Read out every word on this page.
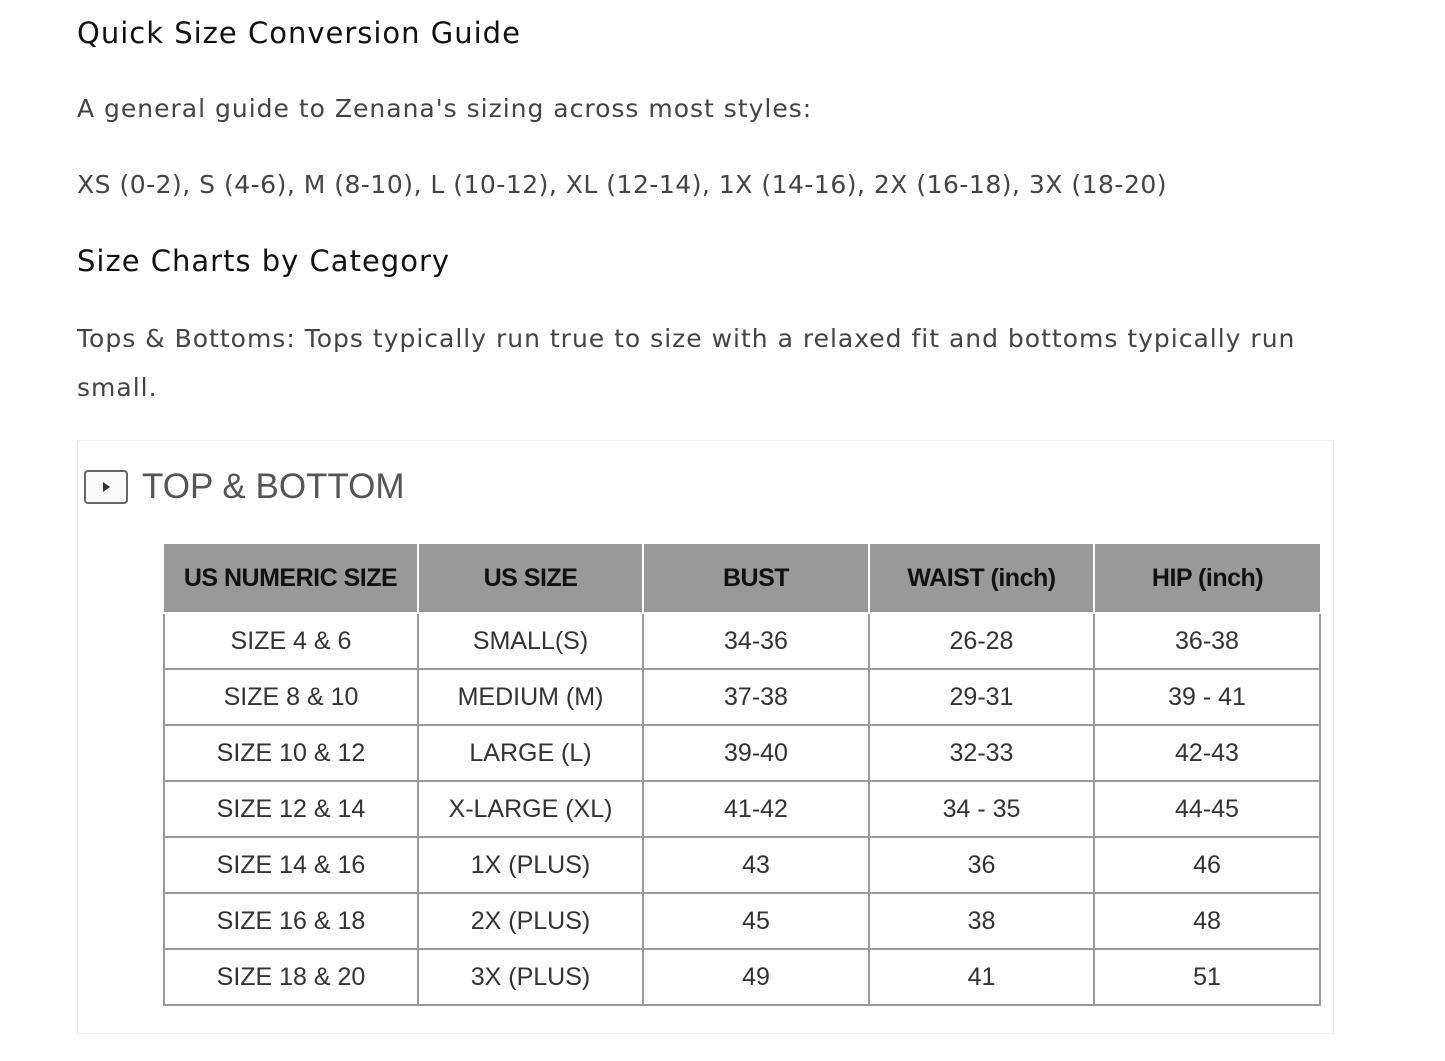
Quick Size Conversion Guide

A general guide to Zenana's sizing across most styles:

XS (0-2), S (4-6), M (8-10), L (10-12), XL (12-14), 1X (14-16), 2X (16-18), 3X (18-20)

Size Charts by Category

Tops & Bottoms: Tops typically run true to size with a relaxed fit and bottoms typically run small.

TOP & BOTTOM
US NUMERIC SIZE	US SIZE	BUST	WAIST (inch)	HIP (inch)
SIZE 4 & 6	SMALL(S)	34-36	26-28	36-38
SIZE 8 & 10	MEDIUM (M)	37-38	29-31	39 - 41
SIZE 10 & 12	LARGE (L)	39-40	32-33	42-43
SIZE 12 & 14	X-LARGE (XL)	41-42	34 - 35	44-45
SIZE 14 & 16	1X (PLUS)	43	36	46
SIZE 16 & 18	2X (PLUS)	45	38	48
SIZE 18 & 20	3X (PLUS)	49	41	51
